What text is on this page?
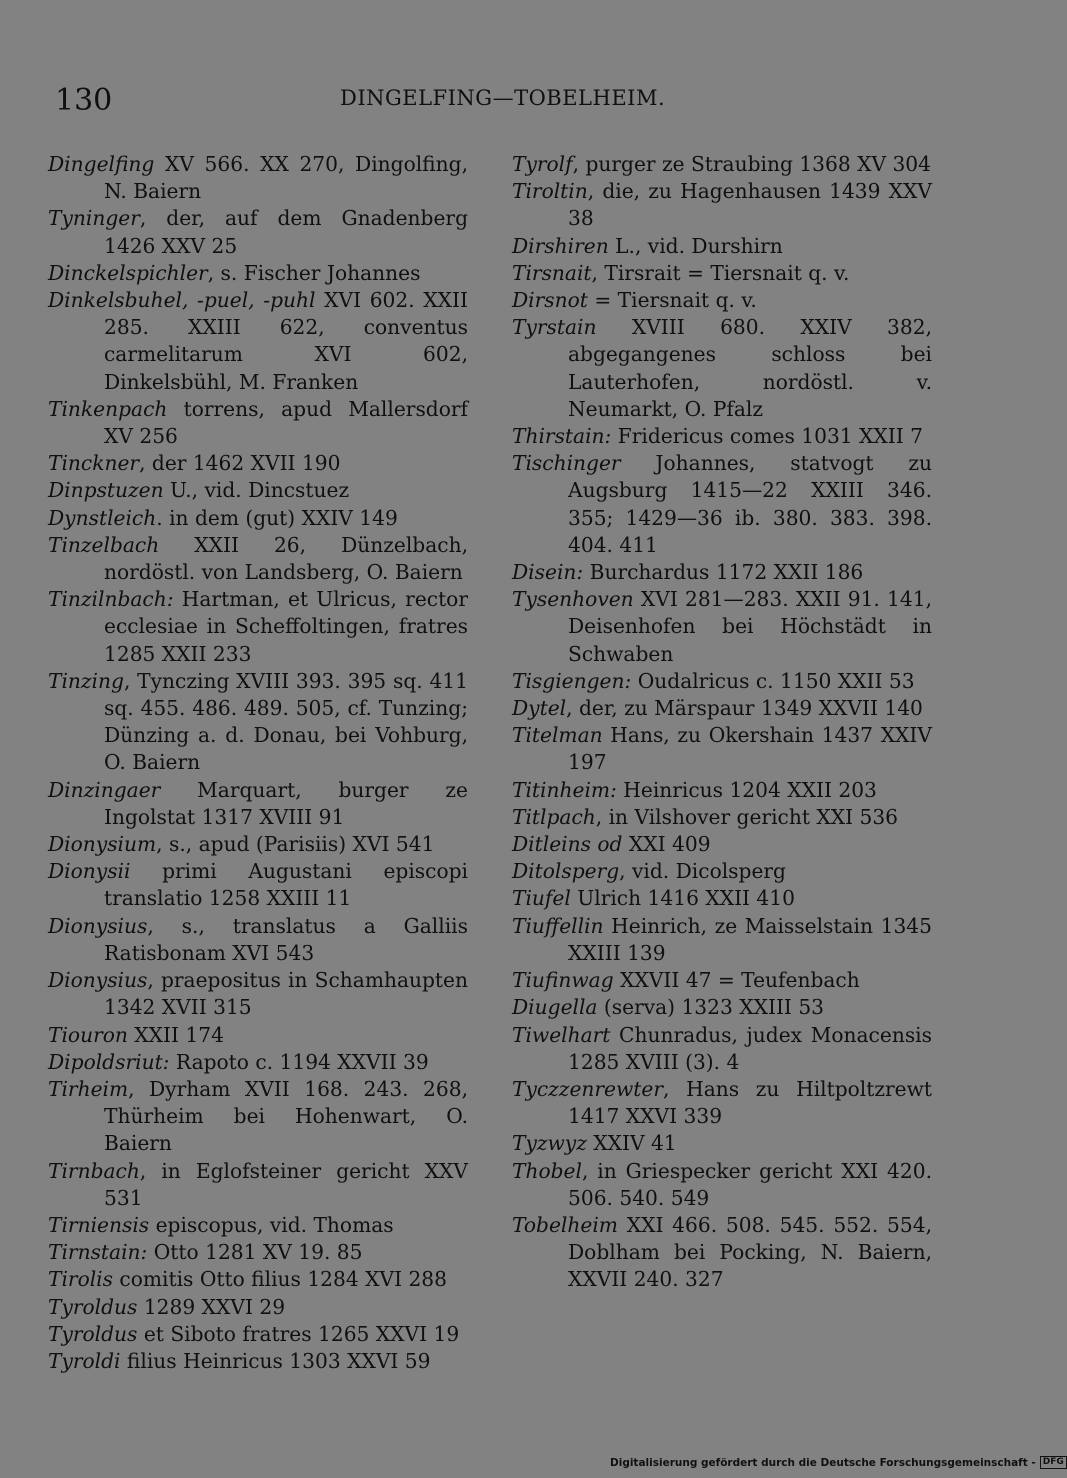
130	DINGELFING—TOBELHEIM.

Dingelfing XV 566. XX 270, Dingolfing, N. Baiern

Tyninger, der, auf dem Gnadenberg 1426 XXV 25

Dinckelspichler, s. Fischer Johannes

Dinkelsbuhel, -puel, -puhl XVI 602. XXII 285. XXIII 622, conventus carmelitarum XVI 602, Dinkelsbühl, M. Franken

Tinkenpach torrens, apud Mallersdorf XV 256

Tinckner, der 1462 XVII 190

Dinpstuzen U., vid. Dincstuez

Dynstleich. in dem (gut) XXIV 149

Tinzelbach XXII 26, Dünzelbach, nordöstl. von Landsberg, O. Baiern

Tinzilnbach: Hartman, et Ulricus, rector ecclesiae in Scheffoltingen, fratres 1285 XXII 233

Tinzing, Tynczing XVIII 393. 395 sq. 411 sq. 455. 486. 489. 505, cf. Tunzing; Dünzing a. d. Donau, bei Vohburg, O. Baiern

Dinzingaer Marquart, burger ze Ingolstat 1317 XVIII 91

Dionysium, s., apud (Parisiis) XVI 541

Dionysii primi Augustani episcopi translatio 1258 XXIII 11

Dionysius, s., translatus a Galliis Ratisbonam XVI 543

Dionysius, praepositus in Schamhaupten 1342 XVII 315

Tiouron XXII 174

Dipoldsriut: Rapoto c. 1194 XXVII 39

Tirheim, Dyrham XVII 168. 243. 268, Thürheim bei Hohenwart, O. Baiern

Tirnbach, in Eglofsteiner gericht XXV 531

Tirniensis episcopus, vid. Thomas

Tirnstain: Otto 1281 XV 19. 85

Tirolis comitis Otto filius 1284 XVI 288

Tyroldus 1289 XXVI 29

Tyroldus et Siboto fratres 1265 XXVI 19

Tyroldi filius Heinricus 1303 XXVI 59

Tyrolf, purger ze Straubing 1368 XV 304

Tiroltin, die, zu Hagenhausen 1439 XXV 38

Dirshiren L., vid. Durshirn

Tirsnait, Tirsrait = Tiersnait q. v.

Dirsnot = Tiersnait q. v.

Tyrstain XVIII 680. XXIV 382, abgegangenes schloss bei Lauterhofen, nordöstl. v. Neumarkt, O. Pfalz

Thirstain: Fridericus comes 1031 XXII 7

Tischinger Johannes, statvogt zu Augsburg 1415—22 XXIII 346. 355; 1429—36 ib. 380. 383. 398. 404. 411

Disein: Burchardus 1172 XXII 186

Tysenhoven XVI 281—283. XXII 91. 141, Deisenhofen bei Höchstädt in Schwaben

Tisgiengen: Oudalricus c. 1150 XXII 53

Dytel, der, zu Märspaur 1349 XXVII 140

Titelman Hans, zu Okershain 1437 XXIV 197

Titinheim: Heinricus 1204 XXII 203

Titlpach, in Vilshover gericht XXI 536

Ditleins od XXI 409

Ditolsperg, vid. Dicolsperg

Tiufel Ulrich 1416 XXII 410

Tiuffellin Heinrich, ze Maisselstain 1345 XXIII 139

Tiufinwag XXVII 47 = Teufenbach

Diugella (serva) 1323 XXIII 53

Tiwelhart Chunradus, judex Monacensis 1285 XVIII (3). 4

Tyczzenrewter, Hans zu Hiltpoltzrewt 1417 XXVI 339

Tyzwyz XXIV 41

Thobel, in Griespecker gericht XXI 420. 506. 540. 549

Tobelheim XXI 466. 508. 545. 552. 554, Doblham bei Pocking, N. Baiern, XXVII 240. 327

Digitalisierung gefördert durch die Deutsche Forschungsgemeinschaft - DFG
